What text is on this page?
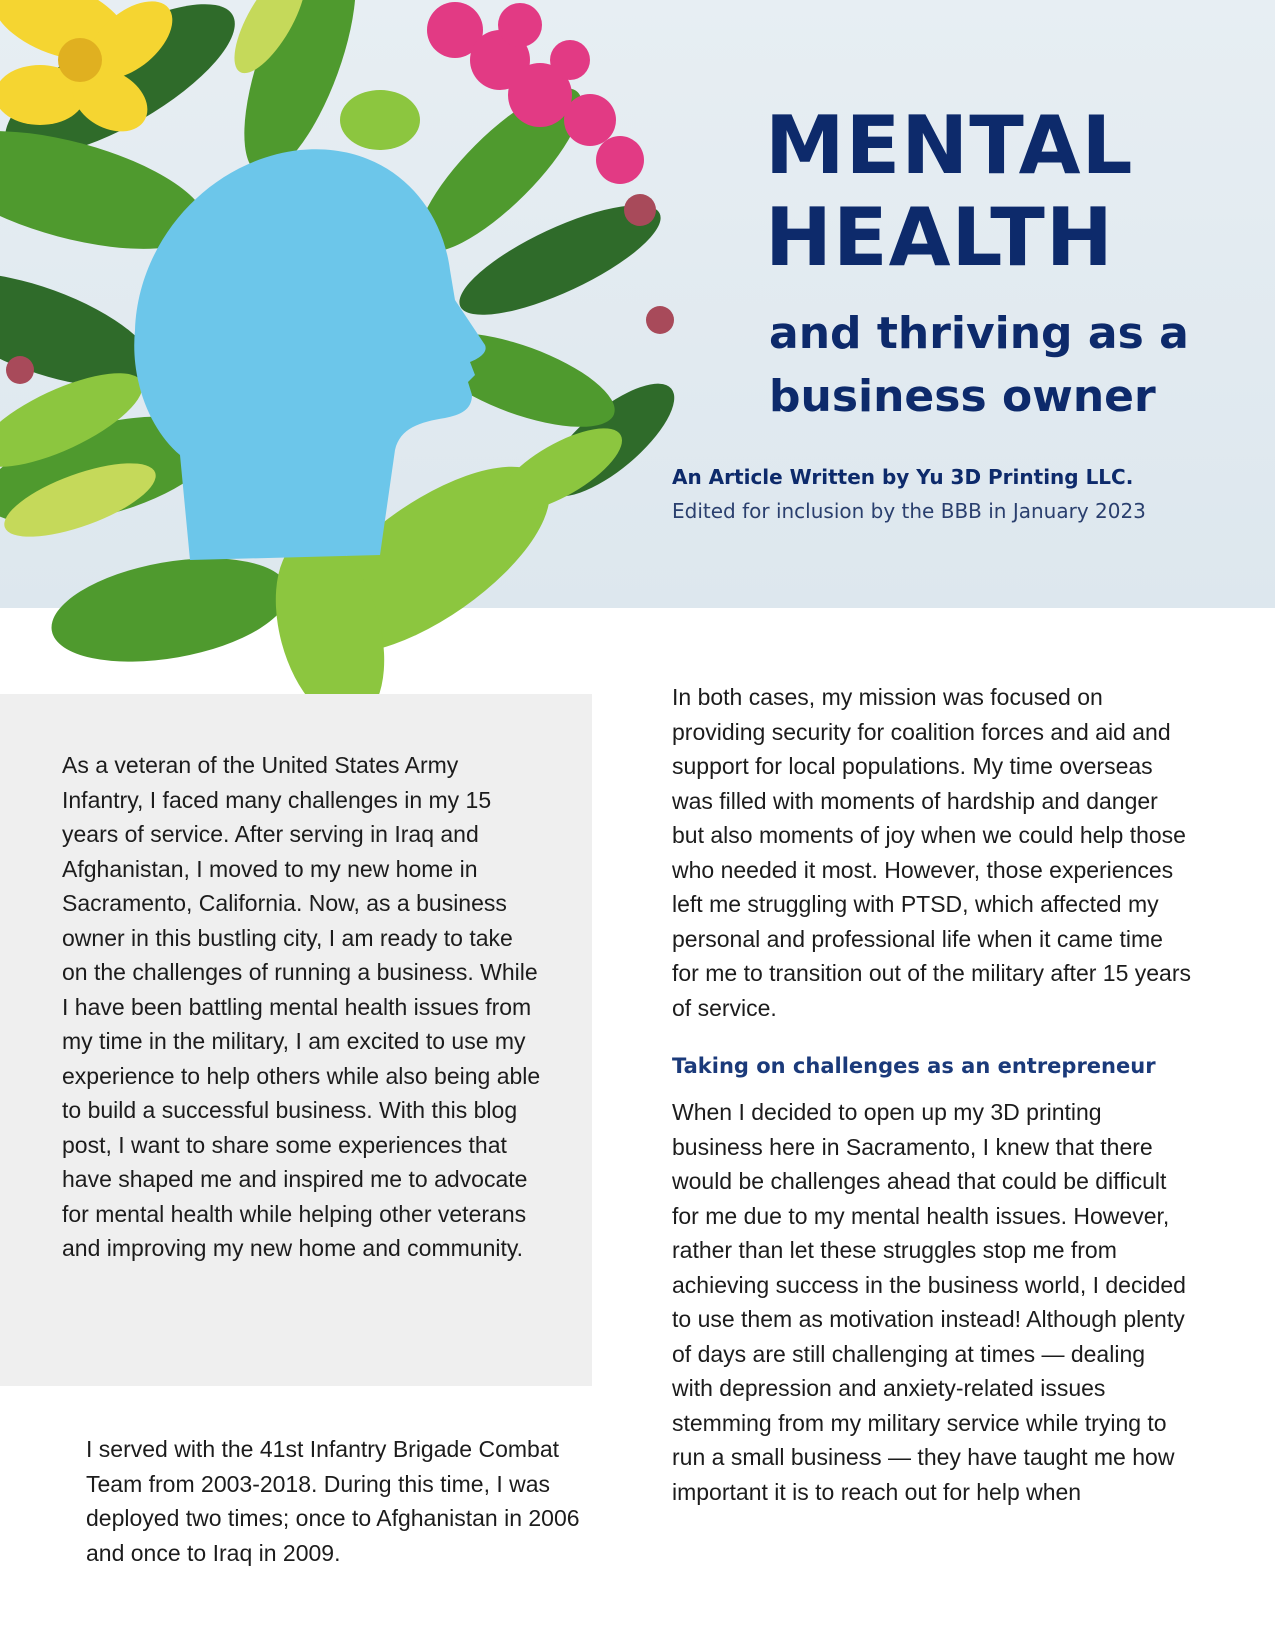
MENTAL
HEALTH
and thriving as a
business owner

An Article Written by Yu 3D Printing LLC.

Edited for inclusion by the BBB in January 2023

As a veteran of the United States Army Infantry, I faced many challenges in my 15 years of service. After serving in Iraq and Afghanistan, I moved to my new home in Sacramento, California. Now, as a business owner in this bustling city, I am ready to take on the challenges of running a business. While I have been battling mental health issues from my time in the military, I am excited to use my experience to help others while also being able to build a successful business. With this blog post, I want to share some experiences that have shaped me and inspired me to advocate for mental health while helping other veterans and improving my new home and community.

I served with the 41st Infantry Brigade Combat Team from 2003-2018. During this time, I was deployed two times; once to Afghanistan in 2006 and once to Iraq in 2009.

In both cases, my mission was focused on providing security for coalition forces and aid and support for local populations. My time overseas was filled with moments of hardship and danger but also moments of joy when we could help those who needed it most. However, those experiences left me struggling with PTSD, which affected my personal and professional life when it came time for me to transition out of the military after 15 years of service.

Taking on challenges as an entrepreneur

When I decided to open up my 3D printing business here in Sacramento, I knew that there would be challenges ahead that could be difficult for me due to my mental health issues. However, rather than let these struggles stop me from achieving success in the business world, I decided to use them as motivation instead! Although plenty of days are still challenging at times — dealing with depression and anxiety-related issues stemming from my military service while trying to run a small business — they have taught me how important it is to reach out for help when
